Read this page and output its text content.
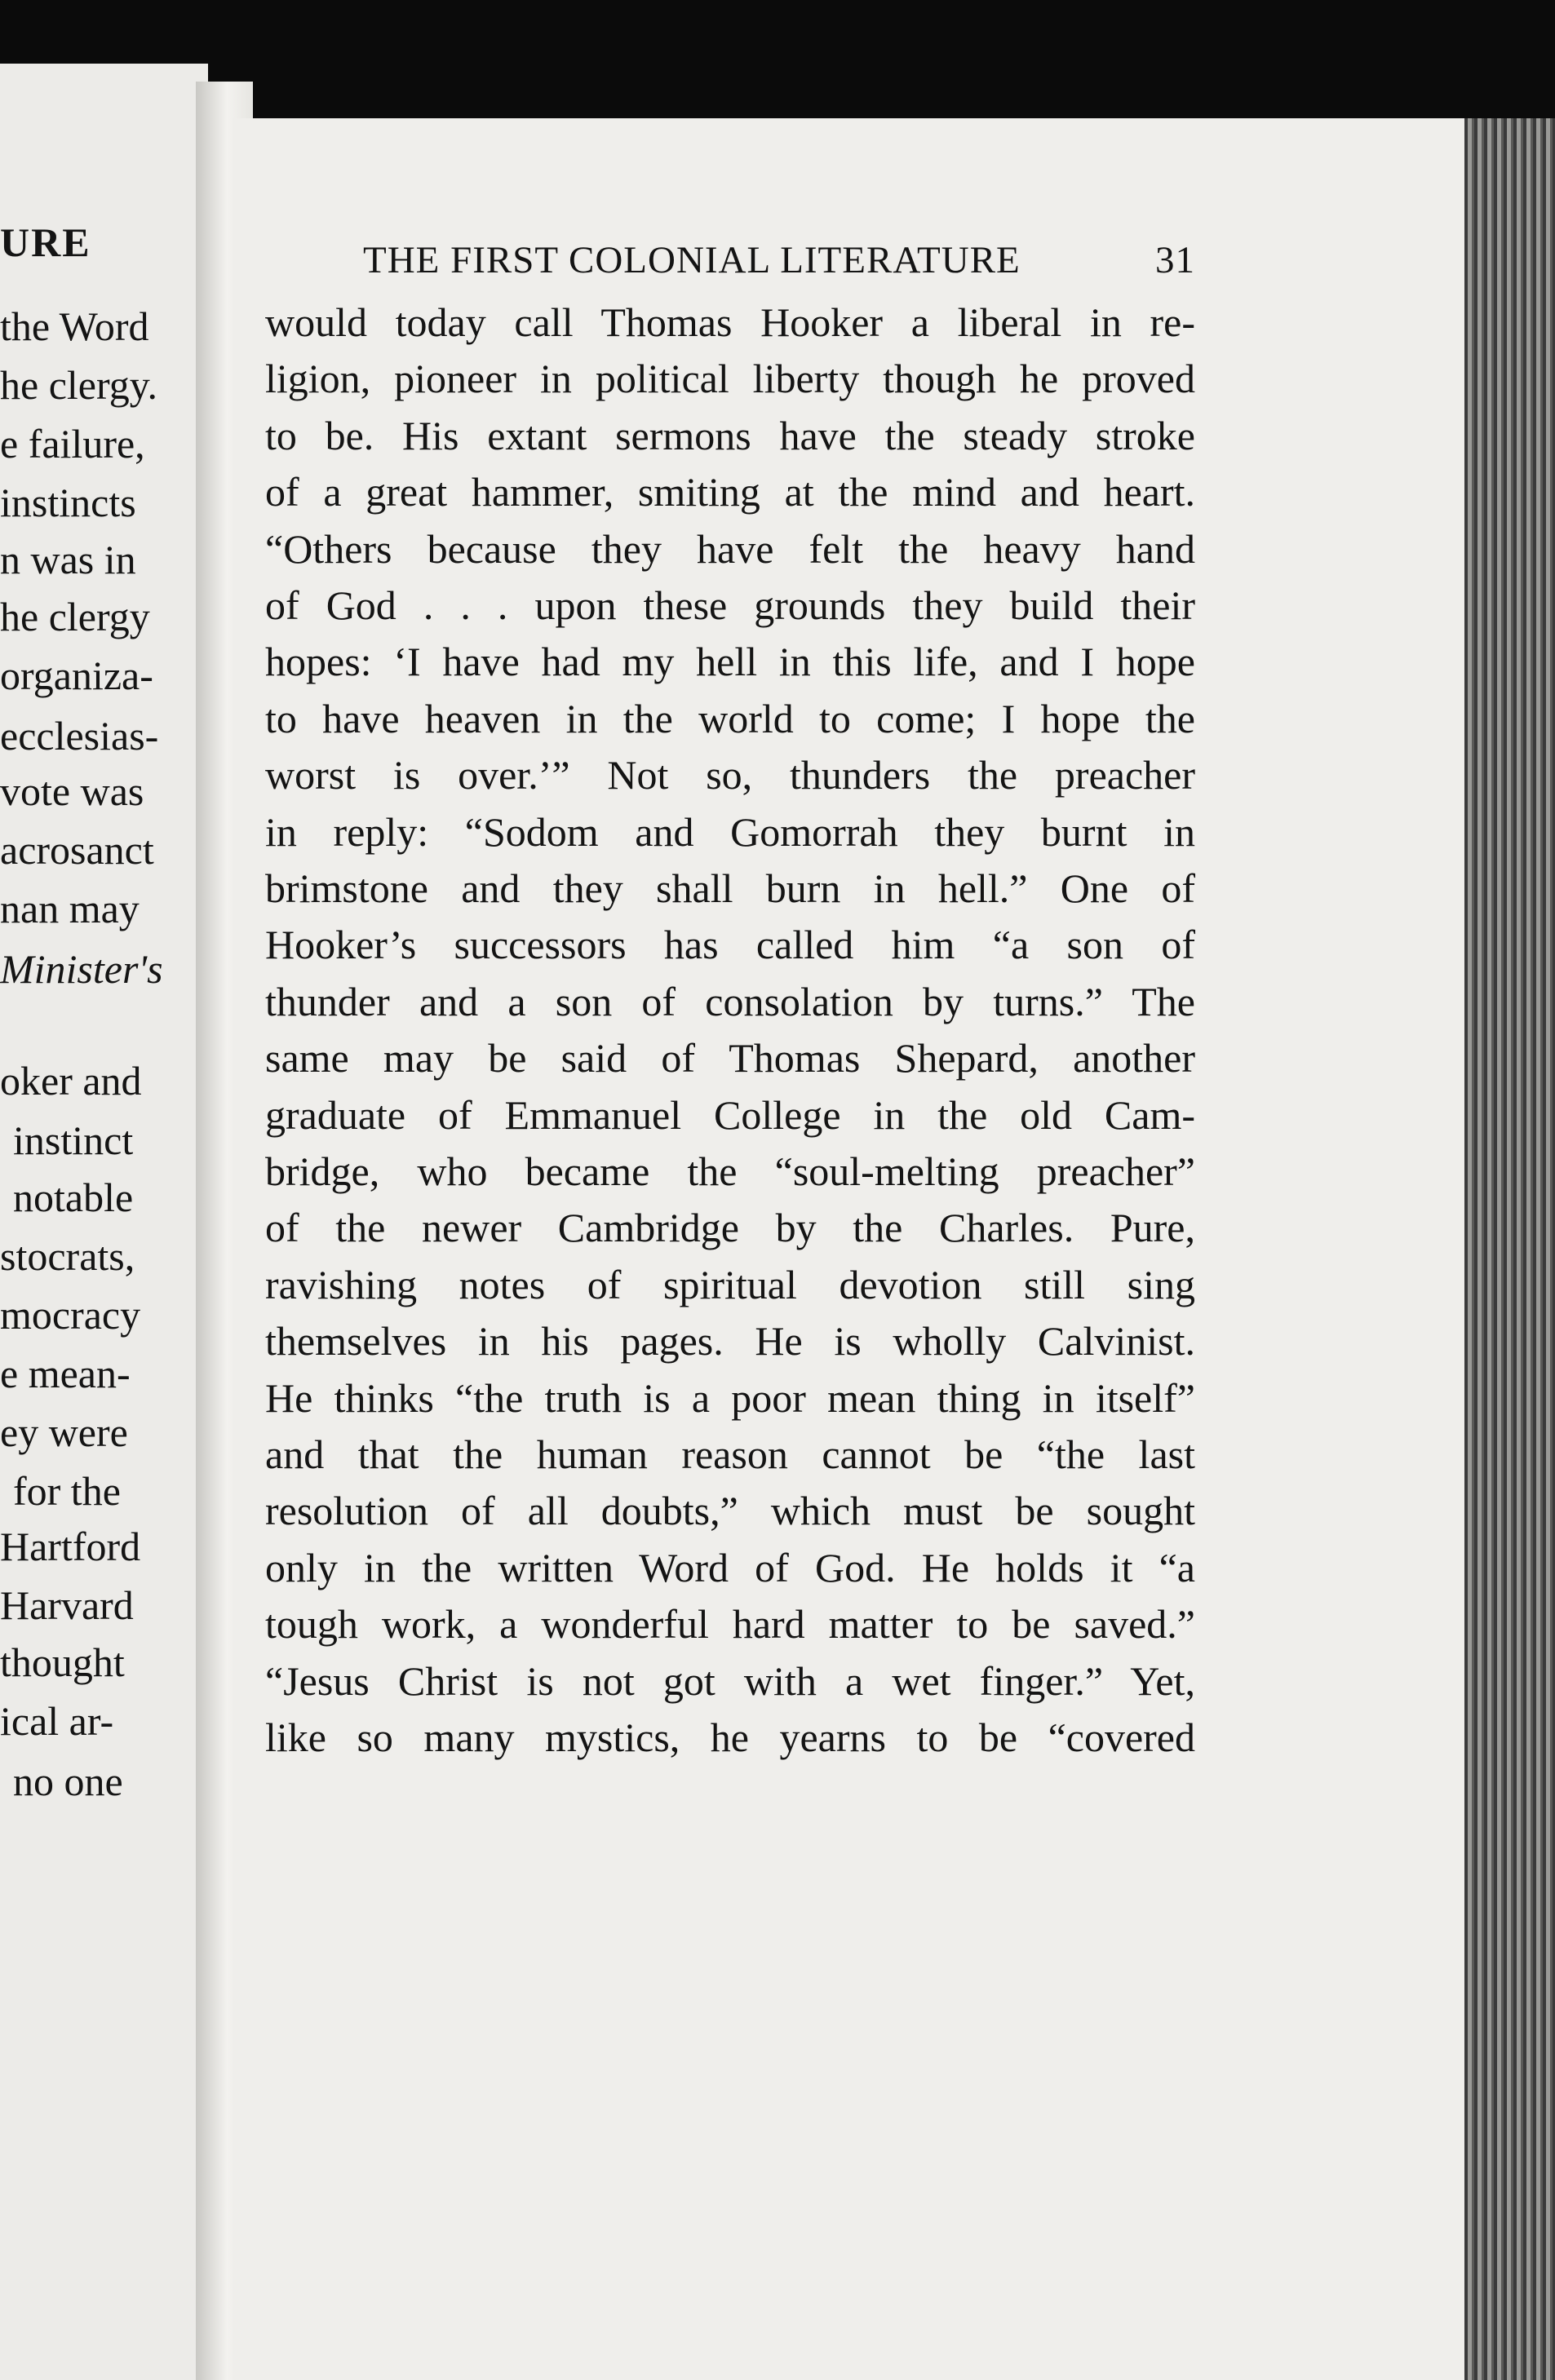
URE
the Word
he clergy.
e failure,
instincts
n was in
he clergy
organiza-
ecclesias-
vote was
acrosanct
nan may
Minister's
oker and
instinct
notable
stocrats,
mocracy
e mean-
ey were
for the
Hartford
Harvard
thought
ical ar-
no one
THE FIRST COLONIAL LITERATURE	31
would today call Thomas Hooker a liberal in re-
ligion, pioneer in political liberty though he proved
to be. His extant sermons have the steady stroke
of a great hammer, smiting at the mind and heart.
“Others because they have felt the heavy hand
of God . . . upon these grounds they build their
hopes: ‘I have had my hell in this life, and I hope
to have heaven in the world to come; I hope the
worst is over.’” Not so, thunders the preacher
in reply: “Sodom and Gomorrah they burnt in
brimstone and they shall burn in hell.” One of
Hooker’s successors has called him “a son of
thunder and a son of consolation by turns.” The
same may be said of Thomas Shepard, another
graduate of Emmanuel College in the old Cam-
bridge, who became the “soul-melting preacher”
of the newer Cambridge by the Charles. Pure,
ravishing notes of spiritual devotion still sing
themselves in his pages. He is wholly Calvinist.
He thinks “the truth is a poor mean thing in itself”
and that the human reason cannot be “the last
resolution of all doubts,” which must be sought
only in the written Word of God. He holds it “a
tough work, a wonderful hard matter to be saved.”
“Jesus Christ is not got with a wet finger.” Yet,
like so many mystics, he yearns to be “covered
